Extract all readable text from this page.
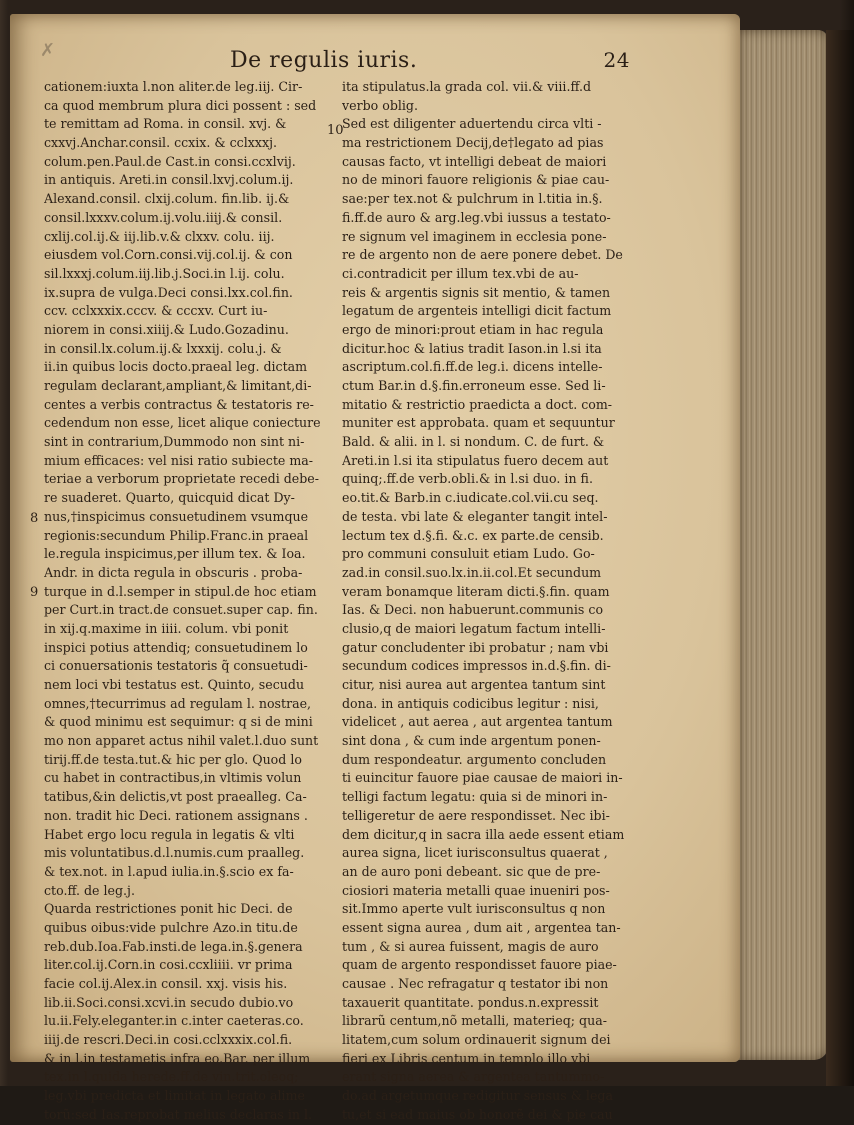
✗	De regulis iuris.	24
10
8
9
cationem:iuxta l.non aliter.de leg.iij. Cir-
ca quod membrum plura dici possent : sed
te remittam ad Roma. in consil. xvj. &
cxxvj.Anchar.consil. ccxix. & cclxxxj.
colum.pen.Paul.de Cast.in consi.ccxlvij.
in antiquis. Areti.in consil.lxvj.colum.ij.
Alexand.consil. clxij.colum. fin.lib. ij.&
consil.lxxxv.colum.ij.volu.iiij.& consil.
cxlij.col.ij.& iij.lib.v.& clxxv. colu. iij.
eiusdem vol.Corn.consi.vij.col.ij. & con
sil.lxxxj.colum.iij.lib.j.Soci.in l.ij. colu.
ix.supra de vulga.Deci consi.lxx.col.fin.
ccv. cclxxxix.cccv. & cccxv. Curt iu-
niorem in consi.xiiij.& Ludo.Gozadinu.
in consil.lx.colum.ij.& lxxxij. colu.j. &
ii.in quibus locis docto.praeal leg. dictam
regulam declarant,ampliant,& limitant,di-
centes a verbis contractus & testatoris re-
cedendum non esse, licet alique coniecture
sint in contrarium,Dummodo non sint ni-
mium efficaces: vel nisi ratio subiecte ma-
teriae a verborum proprietate recedi debe-
re suaderet. Quarto, quicquid dicat Dy-
nus,†inspicimus consuetudinem vsumque
regionis:secundum Philip.Franc.in praeal
le.regula inspicimus,per illum tex. & Ioa.
Andr. in dicta regula in obscuris . proba-
turque in d.l.semper in stipul.de hoc etiam
per Curt.in tract.de consuet.super cap. fin.
in xij.q.maxime in iiii. colum. vbi ponit
inspici potius attendiq; consuetudinem lo
ci conuersationis testatoris q̃ consuetudi-
nem loci vbi testatus est. Quinto, secudu
omnes,†tecurrimus ad regulam l. nostrae,
& quod minimu est sequimur: q si de mini
mo non apparet actus nihil valet.l.duo sunt
tirij.ff.de testa.tut.& hic per glo. Quod lo
cu habet in contractibus,in vltimis volun
tatibus,&in delictis,vt post praealleg. Ca-
non. tradit hic Deci. rationem assignans .
Habet ergo locu regula in legatis & vlti
mis voluntatibus.d.l.numis.cum praalleg.
& tex.not. in l.apud iulia.in.§.scio ex fa-
cto.ff. de leg.j.
Quarda restrictiones ponit hic Deci. de
quibus oibus:vide pulchre Azo.in titu.de
reb.dub.Ioa.Fab.insti.de lega.in.§.genera
liter.col.ij.Corn.in cosi.ccxliiii. vr prima
facie col.ij.Alex.in consil. xxj. visis his.
lib.ii.Soci.consi.xcvi.in secudo dubio.vo
lu.ii.Fely.eleganter.in c.inter caeteras.co.
iiij.de rescri.Deci.in cosi.cclxxxix.col.fi.
& in l.in testametis infra eo.Bar. per illum
tex.in l.quida herede.ff.de vin.trit.oleoq;
leg.vbi predicta et limitat in legato alime
torũ:sed Ias.reprobat melius declaras in l.
ita stipulatus.la grada col. vii.& viii.ff.d
verbo oblig.
Sed est diligenter aduertendu circa vlti -
ma restrictionem Decij,de†legato ad pias
causas facto, vt intelligi debeat de maiori
no de minori fauore religionis & piae cau-
sae:per tex.not & pulchrum in l.titia in.§.
fi.ff.de auro & arg.leg.vbi iussus a testato-
re signum vel imaginem in ecclesia pone-
re de argento non de aere ponere debet. De
ci.contradicit per illum tex.vbi de au-
reis & argentis signis sit mentio, & tamen
legatum de argenteis intelligi dicit factum
ergo de minori:prout etiam in hac regula
dicitur.hoc & latius tradit Iason.in l.si ita
ascriptum.col.fi.ff.de leg.i. dicens intelle-
ctum Bar.in d.§.fin.erroneum esse. Sed li-
mitatio & restrictio praedicta a doct. com-
muniter est approbata. quam et sequuntur
Bald. & alii. in l. si nondum. C. de furt. &
Areti.in l.si ita stipulatus fuero decem aut
quinq;.ff.de verb.obli.& in l.si duo. in fi.
eo.tit.& Barb.in c.iudicate.col.vii.cu seq.
de testa. vbi late & eleganter tangit intel-
lectum tex d.§.fi. &.c. ex parte.de censib.
pro communi consuluit etiam Ludo. Go-
zad.in consil.suo.lx.in.ii.col.Et secundum
veram bonamque literam dicti.§.fin. quam
Ias. & Deci. non habuerunt.communis co
clusio,q de maiori legatum factum intelli-
gatur concludenter ibi probatur ; nam vbi
secundum codices impressos in.d.§.fin. di-
citur, nisi aurea aut argentea tantum sint
dona. in antiquis codicibus legitur : nisi,
videlicet , aut aerea , aut argentea tantum
sint dona , & cum inde argentum ponen-
dum respondeatur. argumento concluden
ti euincitur fauore piae causae de maiori in-
telligi factum legatu: quia si de minori in-
telligeretur de aere respondisset. Nec ibi-
dem dicitur,q in sacra illa aede essent etiam
aurea signa, licet iurisconsultus quaerat ,
an de auro poni debeant. sic que de pre-
ciosiori materia metalli quae inueniri pos-
sit.Immo aperte vult iurisconsultus q non
essent signa aurea , dum ait , argentea tan-
tum , & si aurea fuissent, magis de auro
quam de argento respondisset fauore piae-
causae . Nec refragatur q testator ibi non
taxauerit quantitate. pondus.n.expressit
librarũ centum,nõ metalli, materieq; qua-
litatem,cum solum ordinauerit signum dei
fieri ex Libris centum in templo illo vbi
erant signa aerea & argentea tantummo-
do.ad argetumque redigitur sensus & lega
tu,et si ead maius ob honorẽ dei & pie cau
